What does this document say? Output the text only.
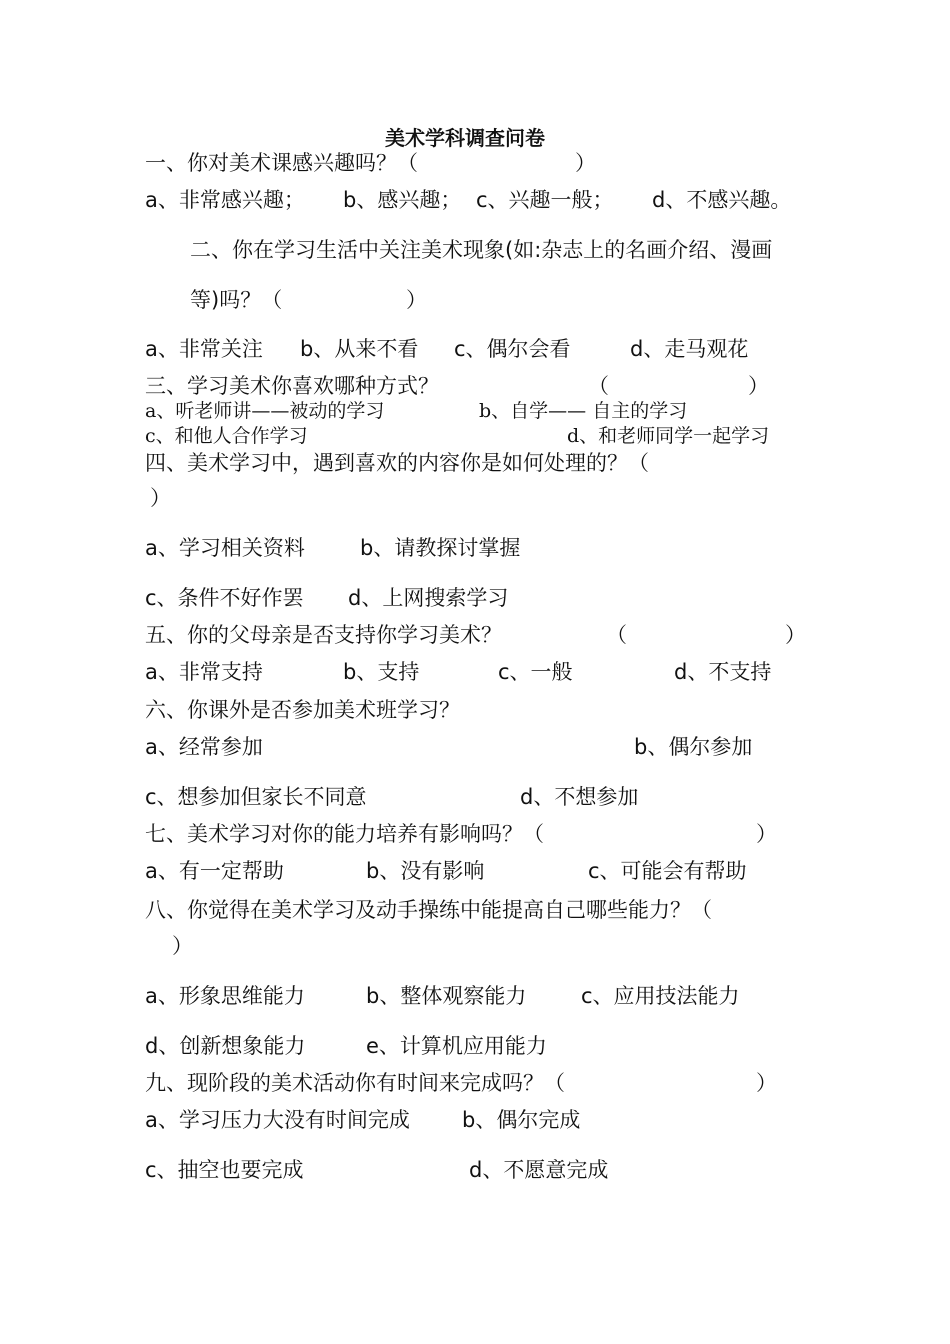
美术学科调查问卷
一、你对美术课感兴趣吗？（	）
a、非常感兴趣； b、感兴趣； c、兴趣一般； d、不感兴趣。
二、你在学习生活中关注美术现象(如:杂志上的名画介绍、漫画
等)吗？（	）
a、非常关注 b、从来不看 c、偶尔会看	d、走马观花
三、学习美术你喜欢哪种方式？	（	）
a、听老师讲——被动的学习	b、自学—— 自主的学习
c、和他人合作学习	d、和老师同学一起学习
四、美术学习中，遇到喜欢的内容你是如何处理的？（
）
a、学习相关资料	b、请教探讨掌握
c、条件不好作罢 d、上网搜索学习
五、你的父母亲是否支持你学习美术？	（	）
a、非常支持	b、支持	c、一般	d、不支持
六、你课外是否参加美术班学习？
a、经常参加	b、偶尔参加
c、想参加但家长不同意	d、不想参加
七、美术学习对你的能力培养有影响吗？（	）
a、有一定帮助	b、没有影响	c、可能会有帮助
八、你觉得在美术学习及动手操练中能提高自己哪些能力？（
）
a、形象思维能力	b、整体观察能力	c、应用技法能力
d、创新想象能力	e、计算机应用能力
九、现阶段的美术活动你有时间来完成吗？（	）
a、学习压力大没有时间完成 b、偶尔完成
c、抽空也要完成	d、不愿意完成
